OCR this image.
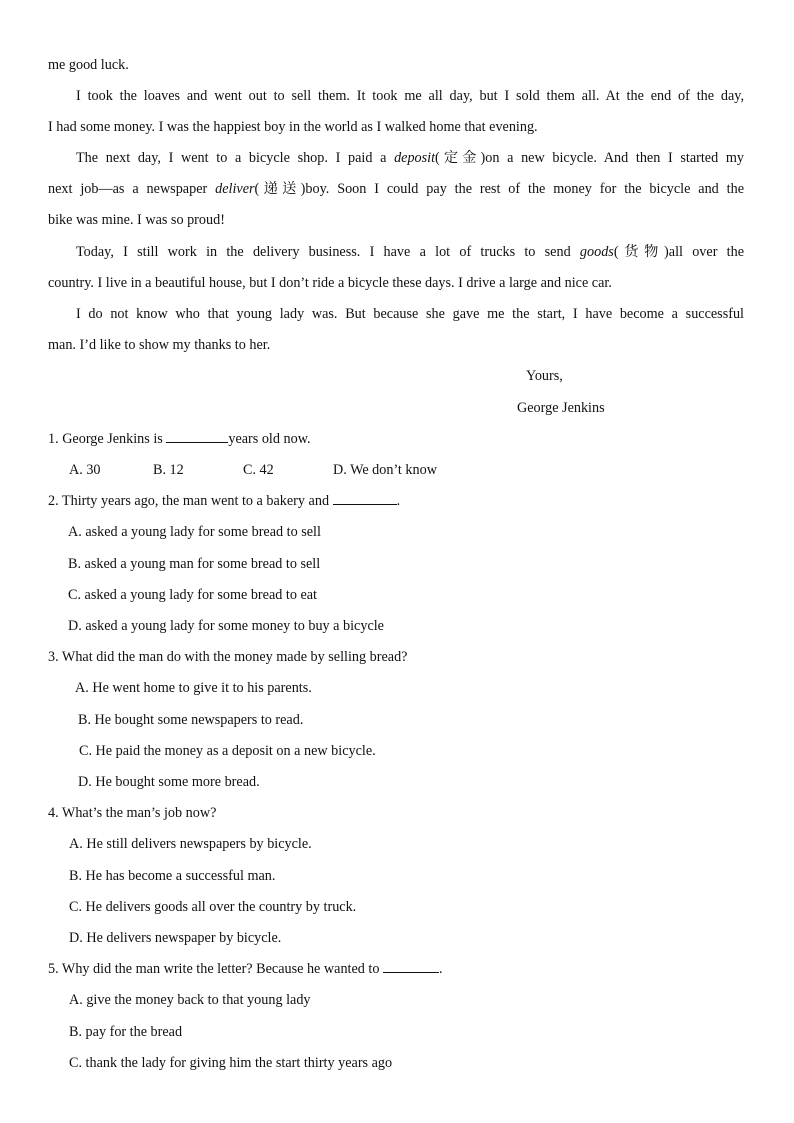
me good luck.
I took the loaves and went out to sell them. It took me all day, but I sold them all. At the end of the day,
I had some money. I was the happiest boy in the world as I walked home that evening.
The next day, I went to a bicycle shop. I paid a deposit(定金)on a new bicycle. And then I started my
next job—as a newspaper deliver(递送)boy. Soon I could pay the rest of the money for the bicycle and the
bike was mine. I was so proud!
Today, I still work in the delivery business. I have a lot of trucks to send goods(货物)all over the
country. I live in a beautiful house, but I don’t ride a bicycle these days. I drive a large and nice car.
I do not know who that young lady was. But because she gave me the start, I have become a successful
man. I’d like to show my thanks to her.
Yours,
George Jenkins
1. George Jenkins is	years old now.
A. 30	B. 12	C. 42	D. We don’t know
2. Thirty years ago, the man went to a bakery and	.
A. asked a young lady for some bread to sell
B. asked a young man for some bread to sell
C. asked a young lady for some bread to eat
D. asked a young lady for some money to buy a bicycle
3. What did the man do with the money made by selling bread?
A. He went home to give it to his parents.
B. He bought some newspapers to read.
C. He paid the money as a deposit on a new bicycle.
D. He bought some more bread.
4. What’s the man’s job now?
A. He still delivers newspapers by bicycle.
B. He has become a successful man.
C. He delivers goods all over the country by truck.
D. He delivers newspaper by bicycle.
5. Why did the man write the letter? Because he wanted to	.
A. give the money back to that young lady
B. pay for the bread
C. thank the lady for giving him the start thirty years ago
